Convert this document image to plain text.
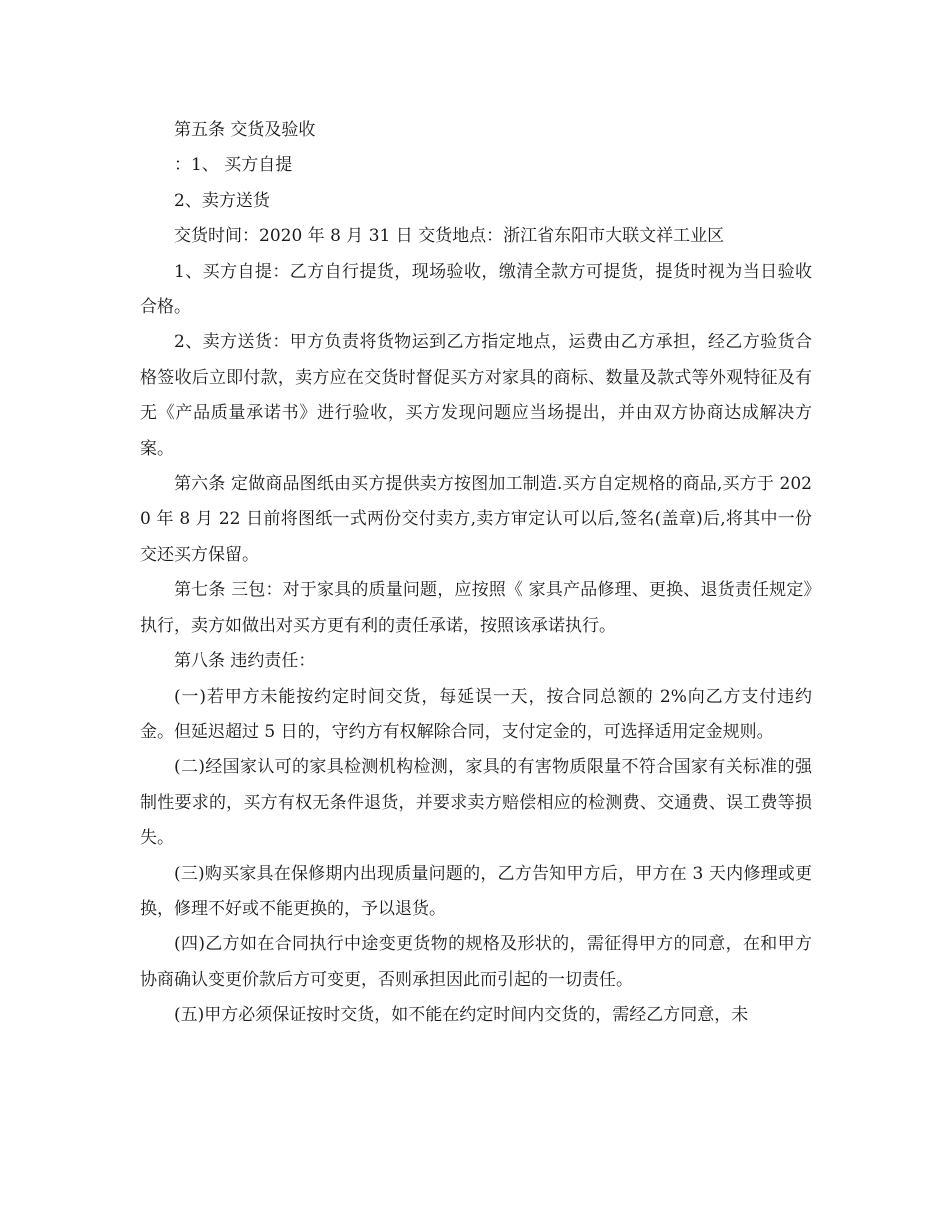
第五条 交货及验收

：1、 买方自提

2、卖方送货

交货时间：2020 年 8 月 31 日 交货地点：浙江省东阳市大联文祥工业区

1、买方自提：乙方自行提货，现场验收，缴清全款方可提货，提货时视为当日验收合格。

2、卖方送货：甲方负责将货物运到乙方指定地点，运费由乙方承担，经乙方验货合格签收后立即付款，卖方应在交货时督促买方对家具的商标、数量及款式等外观特征及有无《产品质量承诺书》进行验收，买方发现问题应当场提出，并由双方协商达成解决方案。

第六条 定做商品图纸由买方提供卖方按图加工制造.买方自定规格的商品,买方于 2020 年 8 月 22 日前将图纸一式两份交付卖方,卖方审定认可以后,签名(盖章)后,将其中一份交还买方保留。

第七条 三包：对于家具的质量问题，应按照《 家具产品修理、更换、退货责任规定》执行，卖方如做出对买方更有利的责任承诺，按照该承诺执行。

第八条 违约责任：

(一)若甲方未能按约定时间交货，每延误一天，按合同总额的 2%向乙方支付违约金。但延迟超过 5 日的，守约方有权解除合同，支付定金的，可选择适用定金规则。

(二)经国家认可的家具检测机构检测，家具的有害物质限量不符合国家有关标准的强制性要求的，买方有权无条件退货，并要求卖方赔偿相应的检测费、交通费、误工费等损失。

(三)购买家具在保修期内出现质量问题的，乙方告知甲方后，甲方在 3 天内修理或更换，修理不好或不能更换的，予以退货。

(四)乙方如在合同执行中途变更货物的规格及形状的，需征得甲方的同意，在和甲方协商确认变更价款后方可变更，否则承担因此而引起的一切责任。

(五)甲方必须保证按时交货，如不能在约定时间内交货的，需经乙方同意，未
